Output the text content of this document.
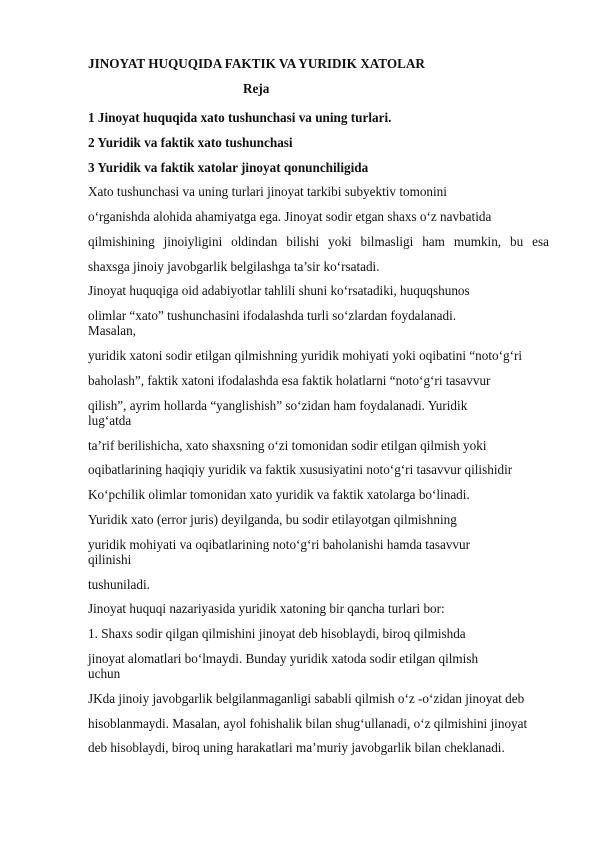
JINOYAT HUQUQIDA FAKTIK VA YURIDIK XATOLAR
Reja
1 Jinoyat huquqida xato tushunchasi va uning turlari.
2 Yuridik va faktik xato tushunchasi
3 Yuridik va faktik xatolar jinoyat qonunchiligida
Xato tushunchasi va uning turlari jinoyat tarkibi subyektiv tomonini
o‘rganishda alohida ahamiyatga ega. Jinoyat sodir etgan shaxs o‘z navbatida
qilmishining jinoiyligini oldindan bilishi yoki bilmasligi ham mumkin, bu esa
shaxsga jinoiy javobgarlik belgilashga ta’sir ko‘rsatadi.
Jinoyat huquqiga oid adabiyotlar tahlili shuni ko‘rsatadiki, huquqshunos
olimlar “xato” tushunchasini ifodalashda turli so‘zlardan foydalanadi.
Masalan,
yuridik xatoni sodir etilgan qilmishning yuridik mohiyati yoki oqibatini “noto‘g‘ri
baholash”, faktik xatoni ifodalashda esa faktik holatlarni “noto‘g‘ri tasavvur
qilish”, ayrim hollarda “yanglishish” so‘zidan ham foydalanadi. Yuridik
lug‘atda
ta’rif berilishicha, xato shaxsning o‘zi tomonidan sodir etilgan qilmish yoki
oqibatlarining haqiqiy yuridik va faktik xususiyatini noto‘g‘ri tasavvur qilishidir
Ko‘pchilik olimlar tomonidan xato yuridik va faktik xatolarga bo‘linadi.
Yuridik xato (error juris) deyilganda, bu sodir etilayotgan qilmishning
yuridik mohiyati va oqibatlarining noto‘g‘ri baholanishi hamda tasavvur
qilinishi
tushuniladi.
Jinoyat huquqi nazariyasida yuridik xatoning bir qancha turlari bor:
1. Shaxs sodir qilgan qilmishini jinoyat deb hisoblaydi, biroq qilmishda
jinoyat alomatlari bo‘lmaydi. Bunday yuridik xatoda sodir etilgan qilmish
uchun
JKda jinoiy javobgarlik belgilanmaganligi sababli qilmish o‘z -o‘zidan jinoyat deb
hisoblanmaydi. Masalan, ayol fohishalik bilan shug‘ullanadi, o‘z qilmishini jinoyat
deb hisoblaydi, biroq uning harakatlari ma’muriy javobgarlik bilan cheklanadi.
